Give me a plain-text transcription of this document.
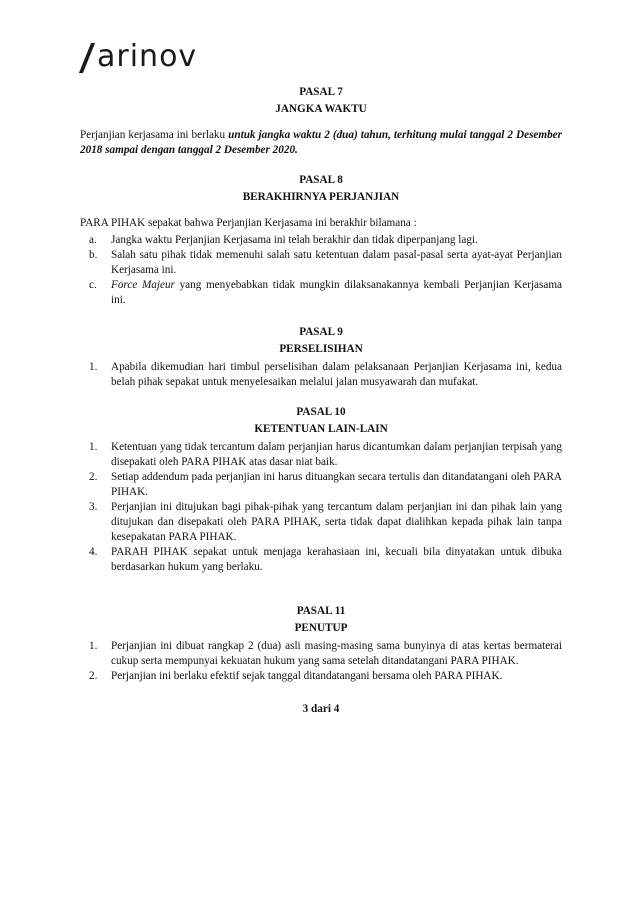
arinov
PASAL 7
JANGKA WAKTU
Perjanjian kerjasama ini berlaku untuk jangka waktu 2 (dua) tahun, terhitung mulai tanggal 2 Desember 2018 sampai dengan tanggal 2 Desember 2020.
PASAL 8
BERAKHIRNYA PERJANJIAN
PARA PIHAK sepakat bahwa Perjanjian Kerjasama ini berakhir bilamana :
a. Jangka waktu Perjanjian Kerjasama ini telah berakhir dan tidak diperpanjang lagi.
b. Salah satu pihak tidak memenuhi salah satu ketentuan dalam pasal-pasal serta ayat-ayat Perjanjian Kerjasama ini.
c. Force Majeur yang menyebabkan tidak mungkin dilaksanakannya kembali Perjanjian Kerjasama ini.
PASAL 9
PERSELISIHAN
1. Apabila dikemudian hari timbul perselisihan dalam pelaksanaan Perjanjian Kerjasama ini, kedua belah pihak sepakat untuk menyelesaikan melalui jalan musyawarah dan mufakat.
PASAL 10
KETENTUAN LAIN-LAIN
1. Ketentuan yang tidak tercantum dalam perjanjian harus dicantumkan dalam perjanjian terpisah yang disepakati oleh PARA PIHAK atas dasar niat baik.
2. Setiap addendum pada perjanjian ini harus dituangkan secara tertulis dan ditandatangani oleh PARA PIHAK.
3. Perjanjian ini ditujukan bagi pihak-pihak yang tercantum dalam perjanjian ini dan pihak lain yang ditujukan dan disepakati oleh PARA PIHAK, serta tidak dapat dialihkan kepada pihak lain tanpa kesepakatan PARA PIHAK.
4. PARAH PIHAK sepakat untuk menjaga kerahasiaan ini, kecuali bila dinyatakan untuk dibuka berdasarkan hukum yang berlaku.
PASAL 11
PENUTUP
1. Perjanjian ini dibuat rangkap 2 (dua) asli masing-masing sama bunyinya di atas kertas bermaterai cukup serta mempunyai kekuatan hukum yang sama setelah ditandatangani PARA PIHAK.
2. Perjanjian ini berlaku efektif sejak tanggal ditandatangani bersama oleh PARA PIHAK.
3 dari 4
